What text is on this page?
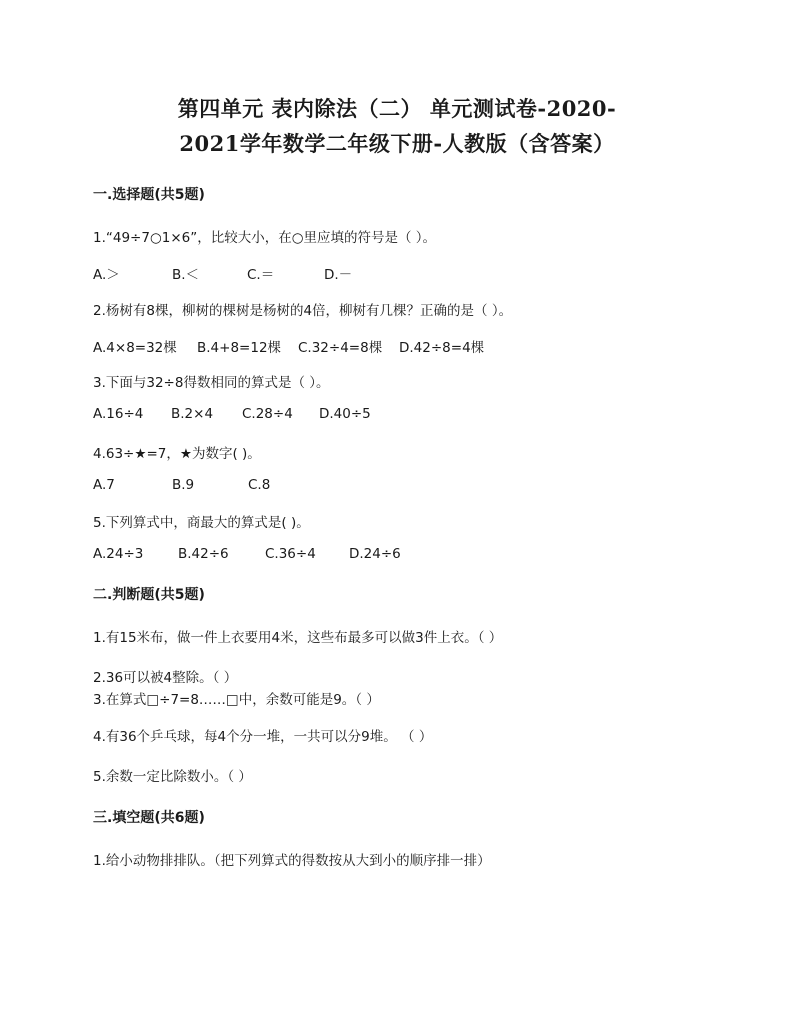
第四单元 表内除法（二） 单元测试卷-2020-
2021学年数学二年级下册-人教版（含答案）
一.选择题(共5题)
1.“49÷7○1×6”，比较大小，在○里应填的符号是（ ）。
A.＞	B.＜	C.＝	D.－
2.杨树有8棵，柳树的棵树是杨树的4倍，柳树有几棵？正确的是（ ）。
A.4×8=32棵 B.4+8=12棵 C.32÷4=8棵 D.42÷8=4棵
3.下面与32÷8得数相同的算式是（ ）。
A.16÷4 B.2×4 C.28÷4 D.40÷5
4.63÷★=7，★为数字( )。
A.7	B.9	C.8
5.下列算式中，商最大的算式是( )。
A.24÷3	B.42÷6	C.36÷4 D.24÷6
二.判断题(共5题)
1.有15米布，做一件上衣要用4米，这些布最多可以做3件上衣。（ ）
2.36可以被4整除。（ ）
3.在算式□÷7=8……□中，余数可能是9。（ ）
4.有36个乒乓球，每4个分一堆，一共可以分9堆。 （ ）
5.余数一定比除数小。（ ）
三.填空题(共6题)
1.给小动物排排队。（把下列算式的得数按从大到小的顺序排一排）
